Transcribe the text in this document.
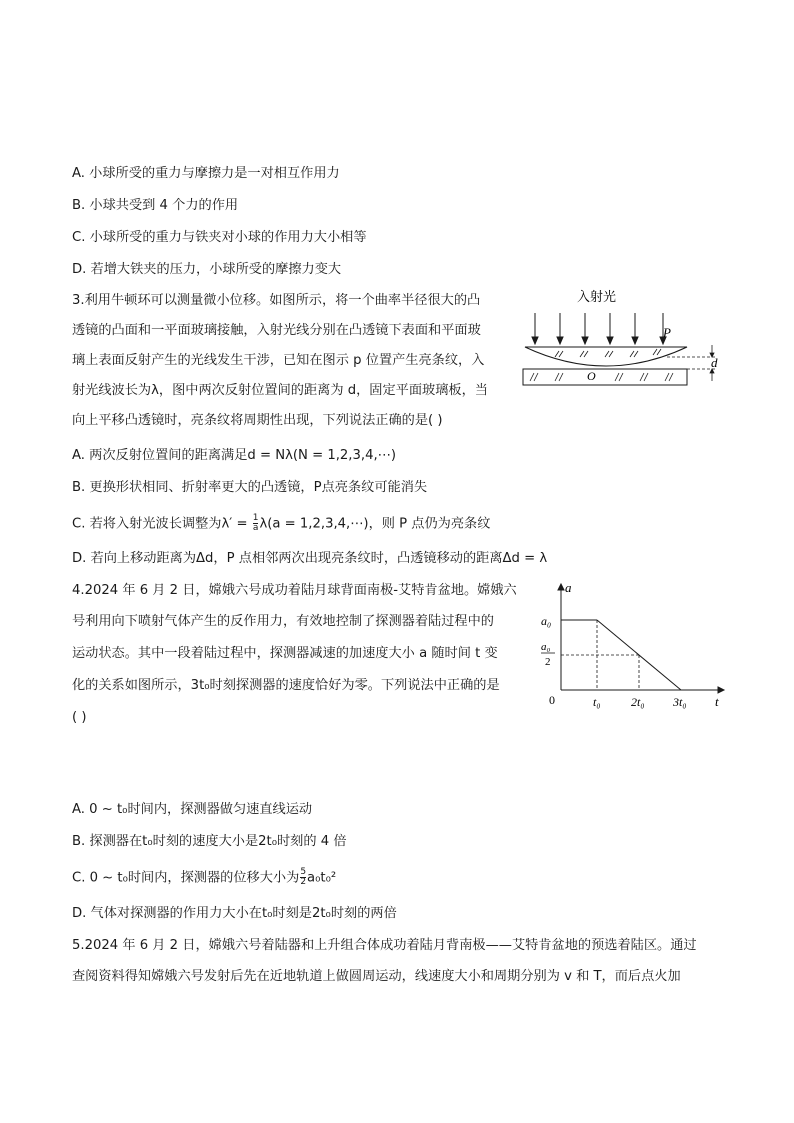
A. 小球所受的重力与摩擦力是一对相互作用力
B. 小球共受到 4 个力的作用
C. 小球所受的重力与铁夹对小球的作用力大小相等
D. 若增大铁夹的压力，小球所受的摩擦力变大
3.利用牛顿环可以测量微小位移。如图所示，将一个曲率半径很大的凸
透镜的凸面和一平面玻璃接触，入射光线分别在凸透镜下表面和平面玻
璃上表面反射产生的光线发生干涉，已知在图示 p 位置产生亮条纹，入
射光线波长为λ，图中两次反射位置间的距离为 d，固定平面玻璃板，当
向上平移凸透镜时，亮条纹将周期性出现，下列说法正确的是( )
入射光
O
P
d
A. 两次反射位置间的距离满足d = Nλ(N = 1,2,3,4,⋯)
B. 更换形状相同、折射率更大的凸透镜，P点亮条纹可能消失
C. 若将入射光波长调整为$\lambda' = \frac{1}{a} \lambda(a$ = 1,2,3,4,⋯)，则 P 点仍为亮条纹
D. 若向上移动距离为Δd，P 点相邻两次出现亮条纹时，凸透镜移动的距离Δd = λ
4.2024 年 6 月 2 日，嫦娥六号成功着陆月球背面南极-艾特肯盆地。嫦娥六
号利用向下喷射气体产生的反作用力，有效地控制了探测器着陆过程中的
运动状态。其中一段着陆过程中，探测器减速的加速度大小 a 随时间 t 变
化的关系如图所示，3t₀时刻探测器的速度恰好为零。下列说法中正确的是
( )
a
t
0
a₀
a₀
2
t₀	2t₀ 3t₀
A. 0 ~ t₀时间内，探测器做匀速直线运动
B. 探测器在t₀时刻的速度大小是2t₀时刻的 4 倍
C. 0 ~ t₀时间内，探测器的位移大小为 $\frac{5}{2} a_0t_0^2$
D. 气体对探测器的作用力大小在t₀时刻是2t₀时刻的两倍
5.2024 年 6 月 2 日，嫦娥六号着陆器和上升组合体成功着陆月背南极——艾特肯盆地的预选着陆区。通过
查阅资料得知嫦娥六号发射后先在近地轨道上做圆周运动，线速度大小和周期分别为 v 和 T，而后点火加
